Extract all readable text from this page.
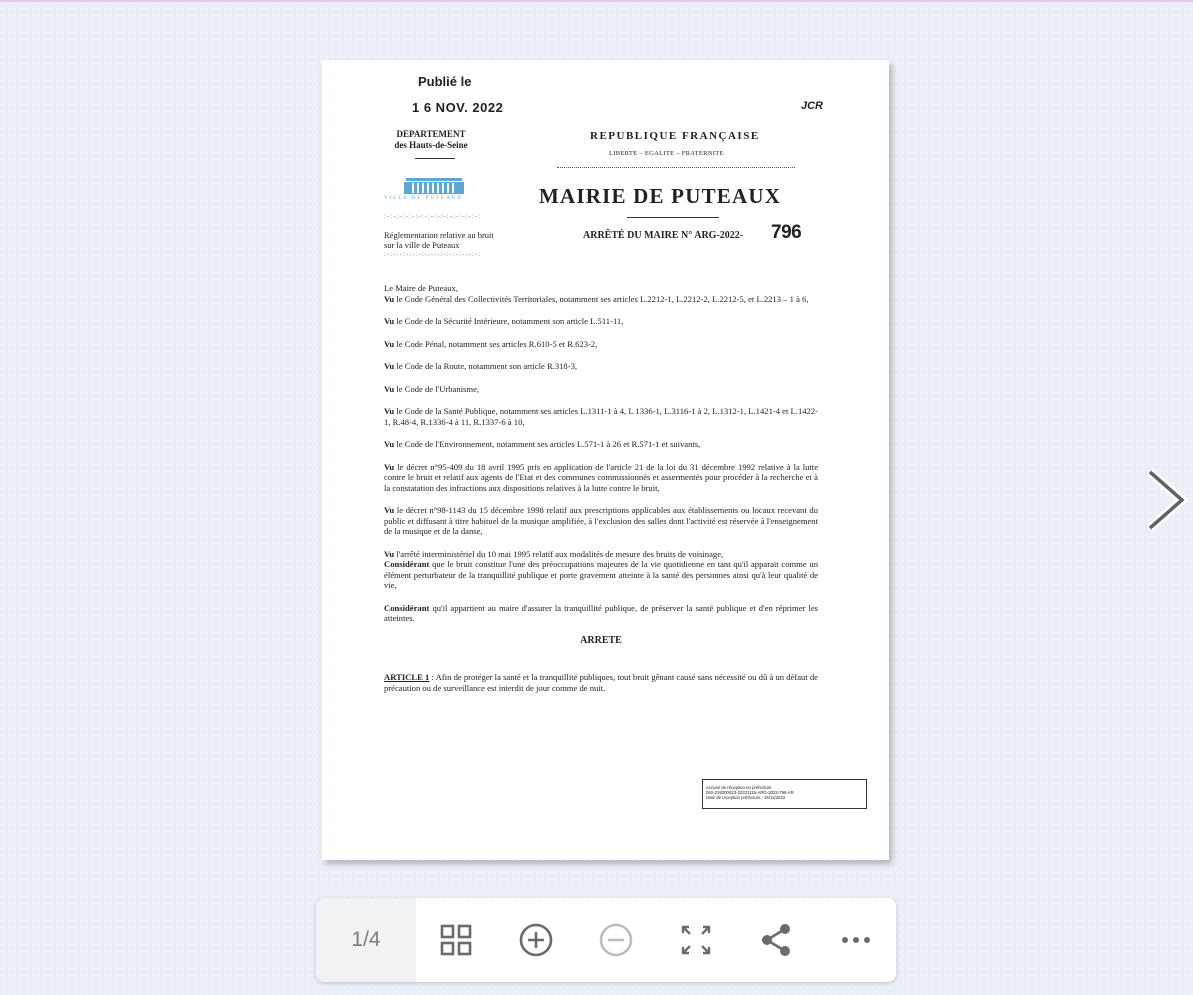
Publié le
1 6 NOV. 2022	JCR
DEPARTEMENT
des Hauts-de-Seine
VILLE DE PUTEAUX
:-:-:-:-:-:-:-:-:-:-:-:-:-:-:-:
Réglementation relative au bruit
sur la ville de Puteaux
:-:-:-:-:-:-:-:-:-:-:-:-:-:-:-:
REPUBLIQUE FRANÇAISE
LIBERTE – EGALITE – FRATERNITE
MAIRIE DE PUTEAUX
ARRÊTÉ DU MAIRE N° ARG-2022- 796

Le Maire de Puteaux,
Vu le Code Général des Collectivités Territoriales, notamment ses articles L.2212-1, L.2212-2, L.2212-5, et L.2213 – 1 à 6,

Vu le Code de la Sécurité Intérieure, notamment son article L.511-11,

Vu le Code Pénal, notamment ses articles R.610-5 et R.623-2,

Vu le Code de la Route, notamment son article R.318-3,

Vu le Code de l'Urbanisme,

Vu le Code de la Santé Publique, notamment ses articles L.1311-1 à 4, L 1336-1, L.3116-1 à 2, L.1312-1, L.1421-4 et L.1422-1, R.48-4, R.1336-4 à 11, R.1337-6 à 10,

Vu le Code de l'Environnement, notamment ses articles L.571-1 à 26 et R.571-1 et suivants,

Vu le décret n°95-409 du 18 avril 1995 pris en application de l'article 21 de la loi du 31 décembre 1992 relative à la lutte contre le bruit et relatif aux agents de l'Etat et des communes commissionnés et assermentés pour procéder à la recherche et à la constatation des infractions aux dispositions relatives à la lutte contre le bruit,

Vu le décret n°98-1143 du 15 décembre 1998 relatif aux prescriptions applicables aux établissements ou locaux recevant du public et diffusant à titre habituel de la musique amplifiée, à l'exclusion des salles dont l'activité est réservée à l'enseignement de la musique et de la danse,

Vu l'arrêté interministériel du 10 mai 1995 relatif aux modalités de mesure des bruits de voisinage,
Considérant que le bruit constitue l'une des préoccupations majeures de la vie quotidienne en tant qu'il apparait comme un élément perturbateur de la tranquillité publique et porte gravement atteinte à la santé des personnes ainsi qu'à leur qualité de vie,

Considérant qu'il appartient au maire d'assurer la tranquillité publique, de préserver la santé publique et d'en réprimer les atteintes.

ARRETE

ARTICLE 1 : Afin de protéger la santé et la tranquillité publiques, tout bruit gênant causé sans nécessité ou dû à un défaut de précaution ou de surveillance est interdit de jour comme de nuit.

Accusé de réception en préfecture
092-219200623-20221115-ARG-2022-796-AR
Date de réception préfecture : 16/11/2022
1/4
